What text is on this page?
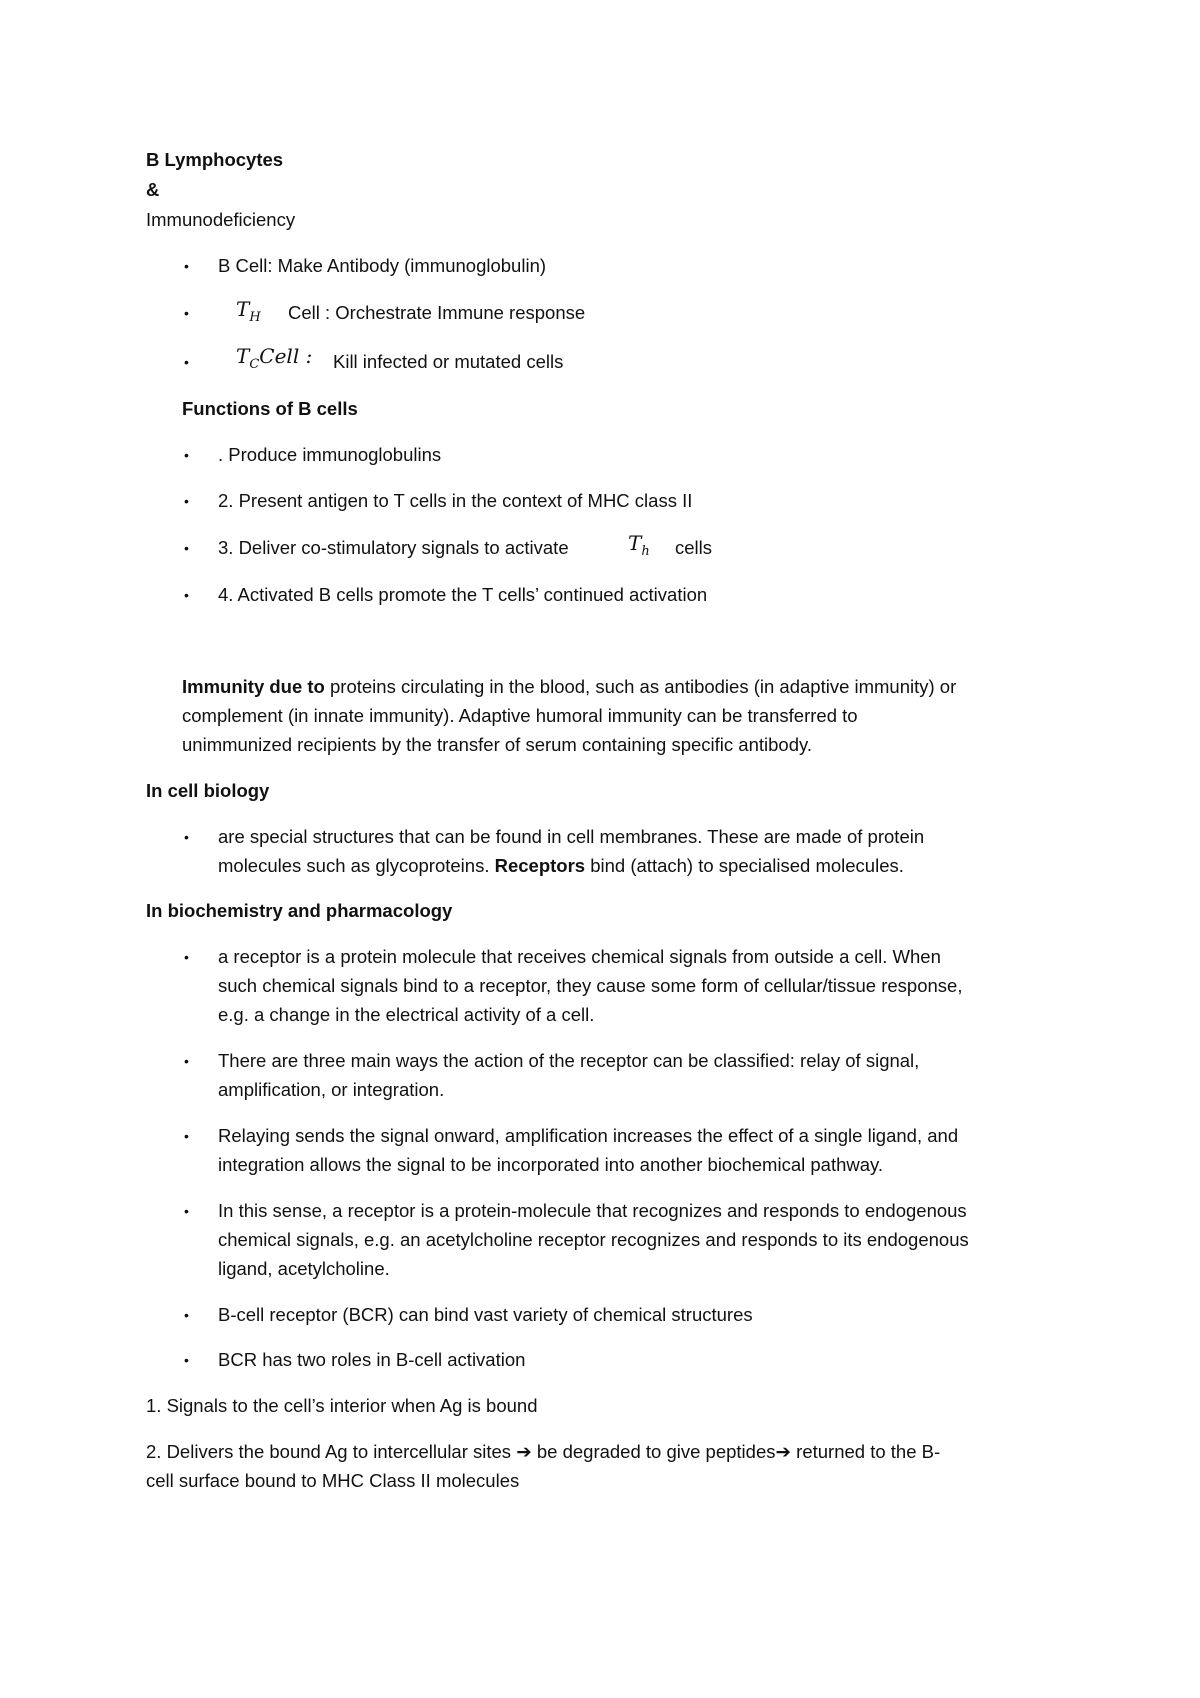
B Lymphocytes
&
Immunodeficiency
• B Cell: Make Antibody (immunoglobulin)
• $T_H$ Cell : Orchestrate Immune response
• $T_CCell$ : Kill infected or mutated cells
Functions of B cells
• . Produce immunoglobulins
• 2. Present antigen to T cells in the context of MHC class II
• 3. Deliver co-stimulatory signals to activate	$T_h$ cells
• 4. Activated B cells promote the T cells’ continued activation
Immunity due to proteins circulating in the blood, such as antibodies (in adaptive immunity) or
complement (in innate immunity). Adaptive humoral immunity can be transferred to
unimmunized recipients by the transfer of serum containing specific antibody.
In cell biology
• are special structures that can be found in cell membranes. These are made of protein
molecules such as glycoproteins. Receptors bind (attach) to specialised molecules.
In biochemistry and pharmacology
• a receptor is a protein molecule that receives chemical signals from outside a cell. When
such chemical signals bind to a receptor, they cause some form of cellular/tissue response,
e.g. a change in the electrical activity of a cell.
• There are three main ways the action of the receptor can be classified: relay of signal,
amplification, or integration.
• Relaying sends the signal onward, amplification increases the effect of a single ligand, and
integration allows the signal to be incorporated into another biochemical pathway.
• In this sense, a receptor is a protein-molecule that recognizes and responds to endogenous
chemical signals, e.g. an acetylcholine receptor recognizes and responds to its endogenous
ligand, acetylcholine.
• B-cell receptor (BCR) can bind vast variety of chemical structures
• BCR has two roles in B-cell activation
1. Signals to the cell’s interior when Ag is bound
2. Delivers the bound Ag to intercellular sites ➔ be degraded to give peptides➔ returned to the B-
cell surface bound to MHC Class II molecules
